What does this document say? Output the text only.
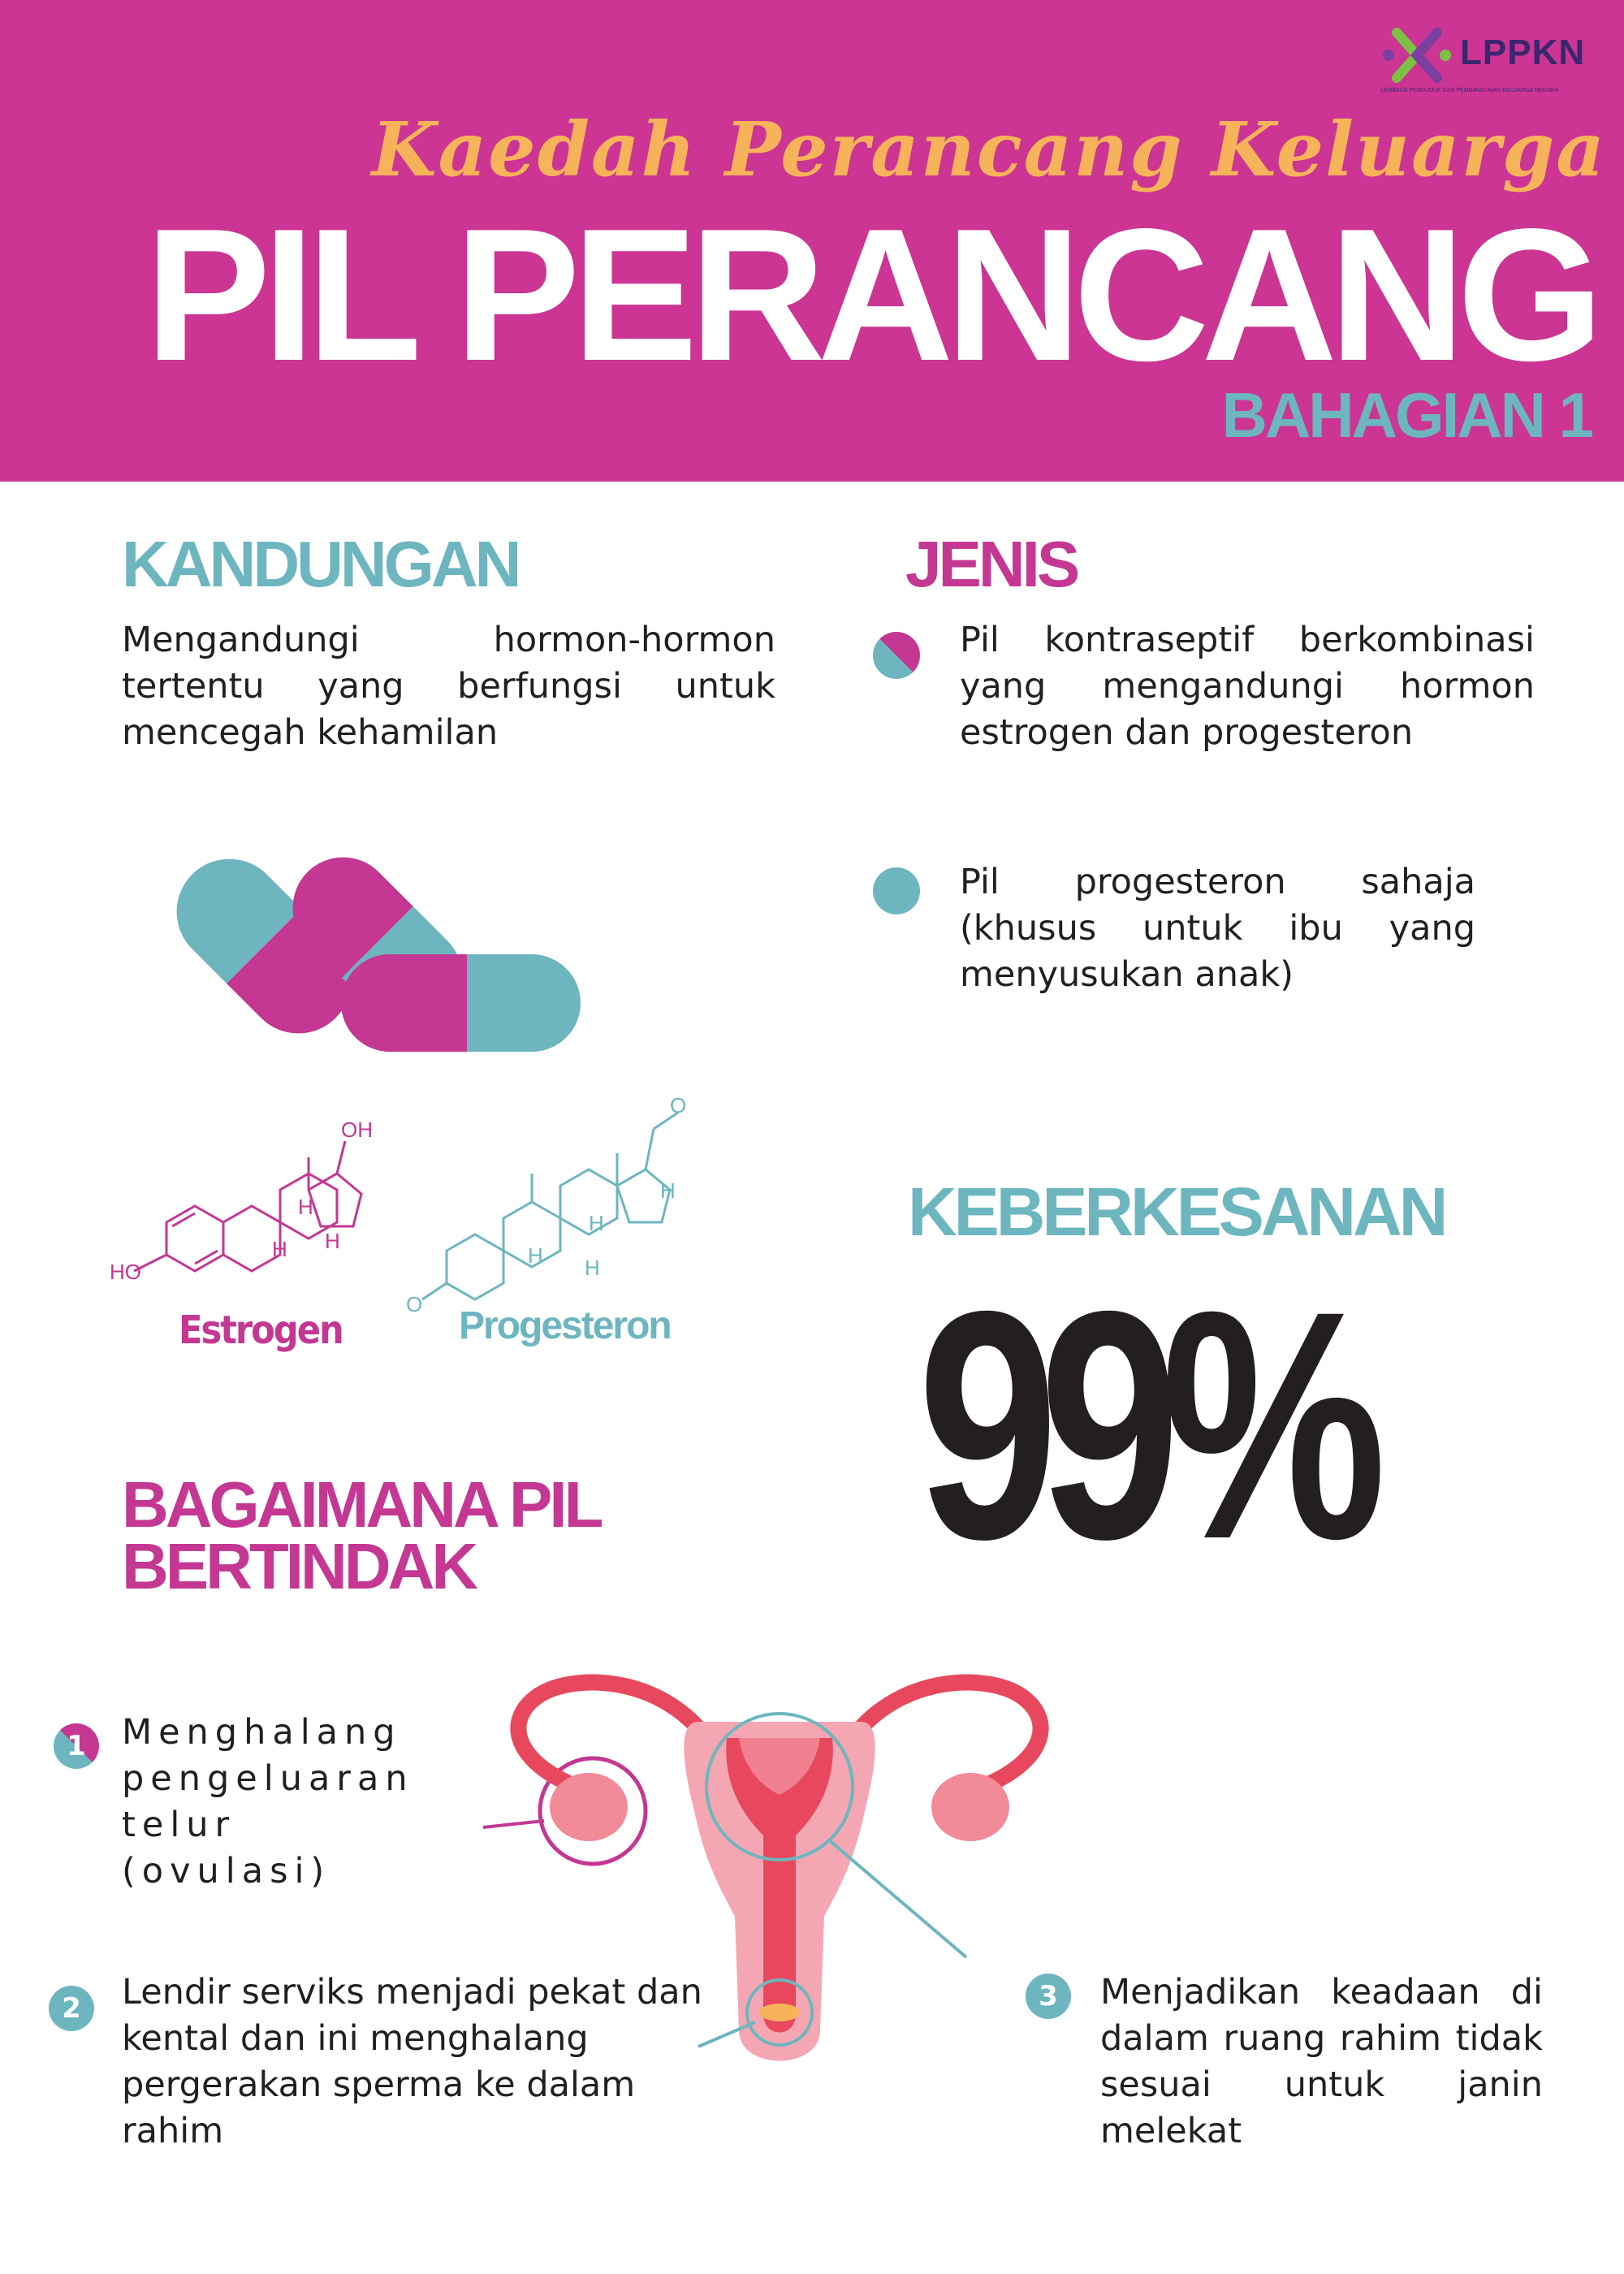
LPPKN
LEMBAGA PENDUDUK DAN PEMBANGUNAN KELUARGA NEGARA
Kaedah Perancang Keluarga
PIL PERANCANG
BAHAGIAN 1
KANDUNGAN
Mengandungi hormon-hormon tertentu yang berfungsi untuk mencegah kehamilan
JENIS
Pil kontraseptif berkombinasi yang mengandungi hormon estrogen dan progesteron
Pil progesteron sahaja (khusus untuk ibu yang menyusukan anak)
HO
OH
H
H
H
O
O
H
H H
H
Estrogen	Progesteron
KEBERKESANAN
99%
BAGAIMANA PIL BERTINDAK
1	Menghalang pengeluaran telur (ovulasi)
2	Lendir serviks menjadi pekat dan kental dan ini menghalang pergerakan sperma ke dalam rahim
3	Menjadikan keadaan di dalam ruang rahim tidak sesuai untuk janin melekat
